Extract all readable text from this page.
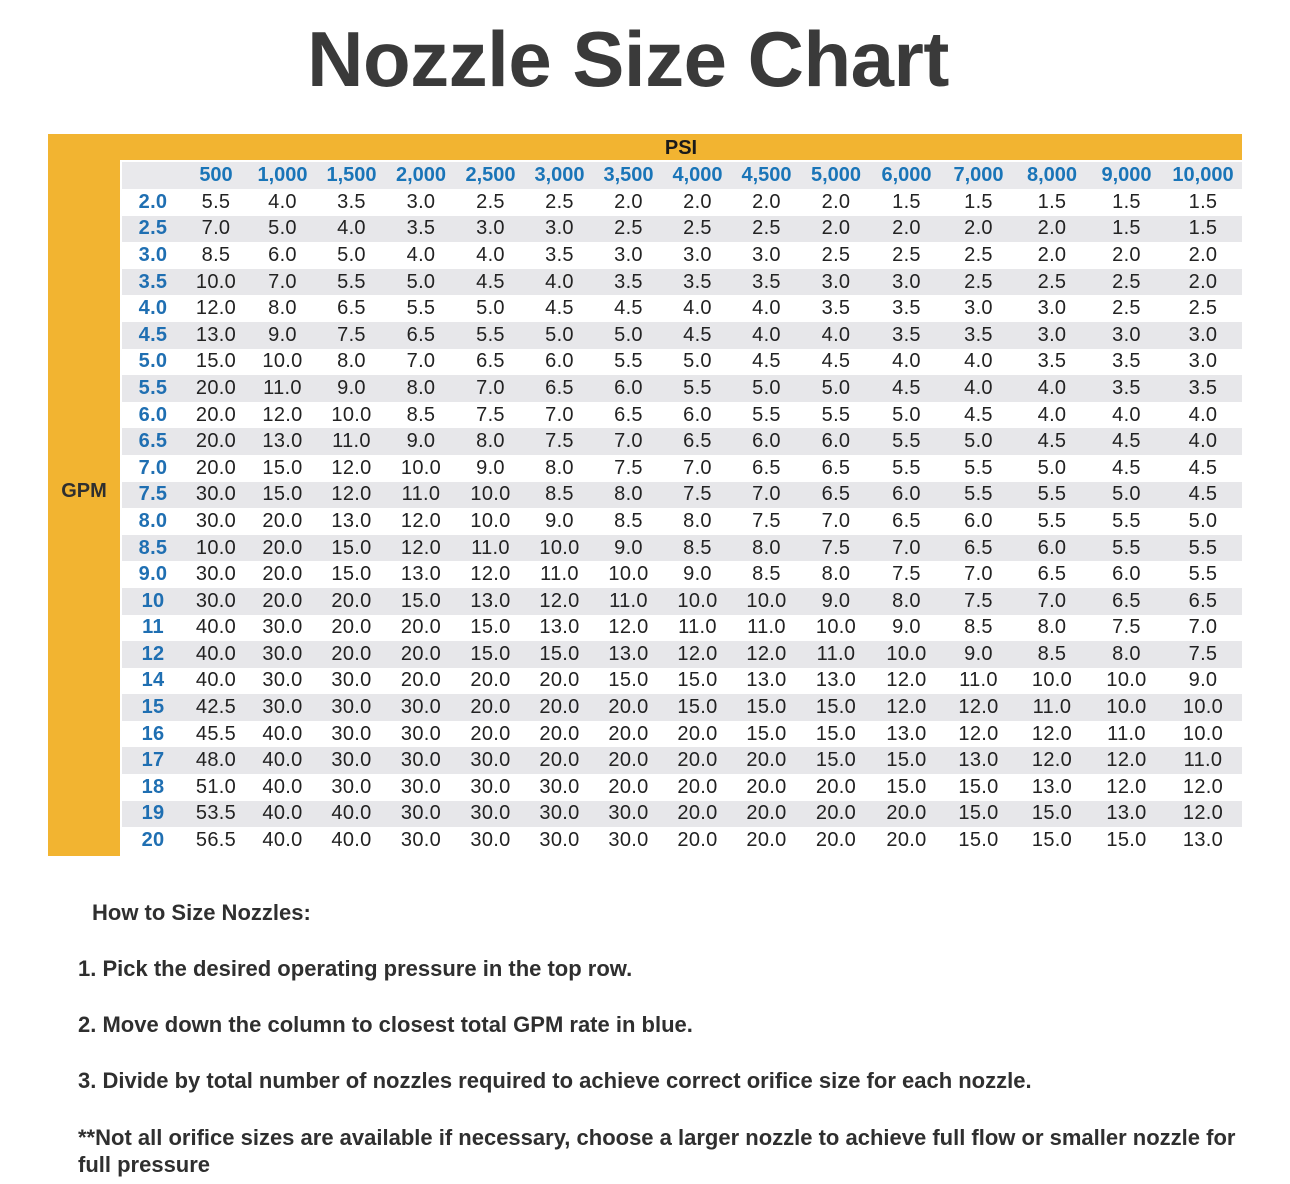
Nozzle Size Chart
GPM
PSI
	500	1,000	1,500	2,000	2,500	3,000	3,500	4,000	4,500	5,000	6,000	7,000	8,000	9,000	10,000
2.0	5.5	4.0	3.5	3.0	2.5	2.5	2.0	2.0	2.0	2.0	1.5	1.5	1.5	1.5	1.5
2.5	7.0	5.0	4.0	3.5	3.0	3.0	2.5	2.5	2.5	2.0	2.0	2.0	2.0	1.5	1.5
3.0	8.5	6.0	5.0	4.0	4.0	3.5	3.0	3.0	3.0	2.5	2.5	2.5	2.0	2.0	2.0
3.5	10.0	7.0	5.5	5.0	4.5	4.0	3.5	3.5	3.5	3.0	3.0	2.5	2.5	2.5	2.0
4.0	12.0	8.0	6.5	5.5	5.0	4.5	4.5	4.0	4.0	3.5	3.5	3.0	3.0	2.5	2.5
4.5	13.0	9.0	7.5	6.5	5.5	5.0	5.0	4.5	4.0	4.0	3.5	3.5	3.0	3.0	3.0
5.0	15.0	10.0	8.0	7.0	6.5	6.0	5.5	5.0	4.5	4.5	4.0	4.0	3.5	3.5	3.0
5.5	20.0	11.0	9.0	8.0	7.0	6.5	6.0	5.5	5.0	5.0	4.5	4.0	4.0	3.5	3.5
6.0	20.0	12.0	10.0	8.5	7.5	7.0	6.5	6.0	5.5	5.5	5.0	4.5	4.0	4.0	4.0
6.5	20.0	13.0	11.0	9.0	8.0	7.5	7.0	6.5	6.0	6.0	5.5	5.0	4.5	4.5	4.0
7.0	20.0	15.0	12.0	10.0	9.0	8.0	7.5	7.0	6.5	6.5	5.5	5.5	5.0	4.5	4.5
7.5	30.0	15.0	12.0	11.0	10.0	8.5	8.0	7.5	7.0	6.5	6.0	5.5	5.5	5.0	4.5
8.0	30.0	20.0	13.0	12.0	10.0	9.0	8.5	8.0	7.5	7.0	6.5	6.0	5.5	5.5	5.0
8.5	10.0	20.0	15.0	12.0	11.0	10.0	9.0	8.5	8.0	7.5	7.0	6.5	6.0	5.5	5.5
9.0	30.0	20.0	15.0	13.0	12.0	11.0	10.0	9.0	8.5	8.0	7.5	7.0	6.5	6.0	5.5
10	30.0	20.0	20.0	15.0	13.0	12.0	11.0	10.0	10.0	9.0	8.0	7.5	7.0	6.5	6.5
11	40.0	30.0	20.0	20.0	15.0	13.0	12.0	11.0	11.0	10.0	9.0	8.5	8.0	7.5	7.0
12	40.0	30.0	20.0	20.0	15.0	15.0	13.0	12.0	12.0	11.0	10.0	9.0	8.5	8.0	7.5
14	40.0	30.0	30.0	20.0	20.0	20.0	15.0	15.0	13.0	13.0	12.0	11.0	10.0	10.0	9.0
15	42.5	30.0	30.0	30.0	20.0	20.0	20.0	15.0	15.0	15.0	12.0	12.0	11.0	10.0	10.0
16	45.5	40.0	30.0	30.0	20.0	20.0	20.0	20.0	15.0	15.0	13.0	12.0	12.0	11.0	10.0
17	48.0	40.0	30.0	30.0	30.0	20.0	20.0	20.0	20.0	15.0	15.0	13.0	12.0	12.0	11.0
18	51.0	40.0	30.0	30.0	30.0	30.0	20.0	20.0	20.0	20.0	15.0	15.0	13.0	12.0	12.0
19	53.5	40.0	40.0	30.0	30.0	30.0	30.0	20.0	20.0	20.0	20.0	15.0	15.0	13.0	12.0
20	56.5	40.0	40.0	30.0	30.0	30.0	30.0	20.0	20.0	20.0	20.0	15.0	15.0	15.0	13.0
How to Size Nozzles:
1. Pick the desired operating pressure in the top row.
2. Move down the column to closest total GPM rate in blue.
3. Divide by total number of nozzles required to achieve correct orifice size for each nozzle.
**Not all orifice sizes are available if necessary, choose a larger nozzle to achieve full flow or smaller nozzle for full pressure
